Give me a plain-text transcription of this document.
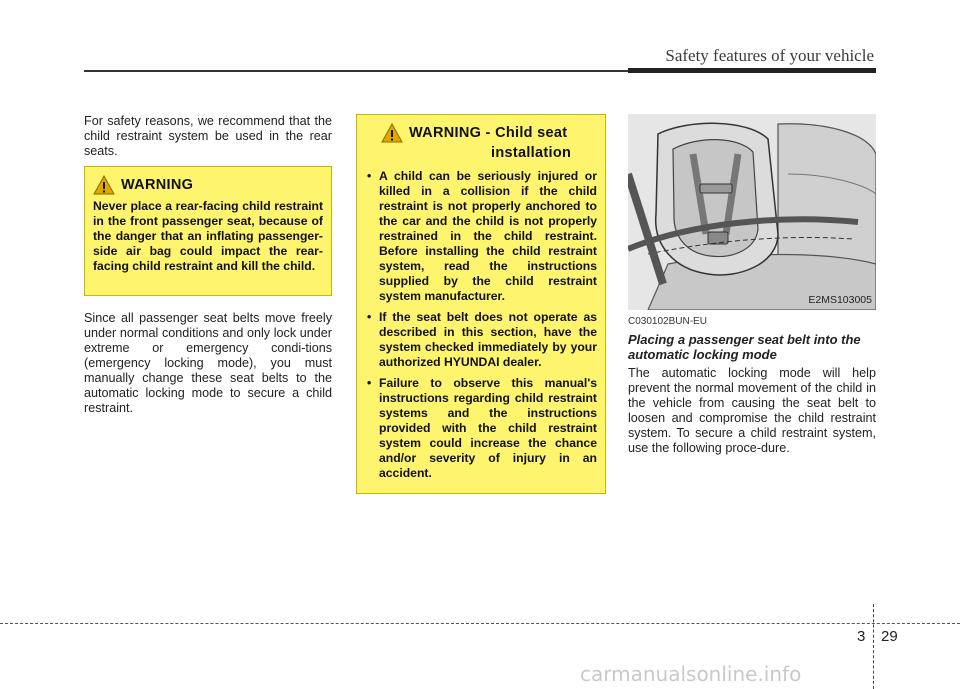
Safety features of your vehicle

For safety reasons, we recommend that the child restraint system be used in the rear seats.

WARNING
Never place a rear-facing child restraint in the front passenger seat, because of the danger that an inflating passenger-side air bag could impact the rear-facing child restraint and kill the child.

Since all passenger seat belts move freely under normal conditions and only lock under extreme or emergency condi-tions (emergency locking mode), you must manually change these seat belts to the automatic locking mode to secure a child restraint.

WARNING - Child seat
installation
• A child can be seriously injured or killed in a collision if the child restraint is not properly anchored to the car and the child is not properly restrained in the child restraint. Before installing the child restraint system, read the instructions supplied by the child restraint system manufacturer.
• If the seat belt does not operate as described in this section, have the system checked immediately by your authorized HYUNDAI dealer.
• Failure to observe this manual's instructions regarding child restraint systems and the instructions provided with the child restraint system could increase the chance and/or severity of injury in an accident.
E2MS103005
C030102BUN-EU
Placing a passenger seat belt into the automatic locking mode
The automatic locking mode will help prevent the normal movement of the child in the vehicle from causing the seat belt to loosen and compromise the child restraint system. To secure a child restraint system, use the following proce-dure.
3 29
carmanualsonline.info
